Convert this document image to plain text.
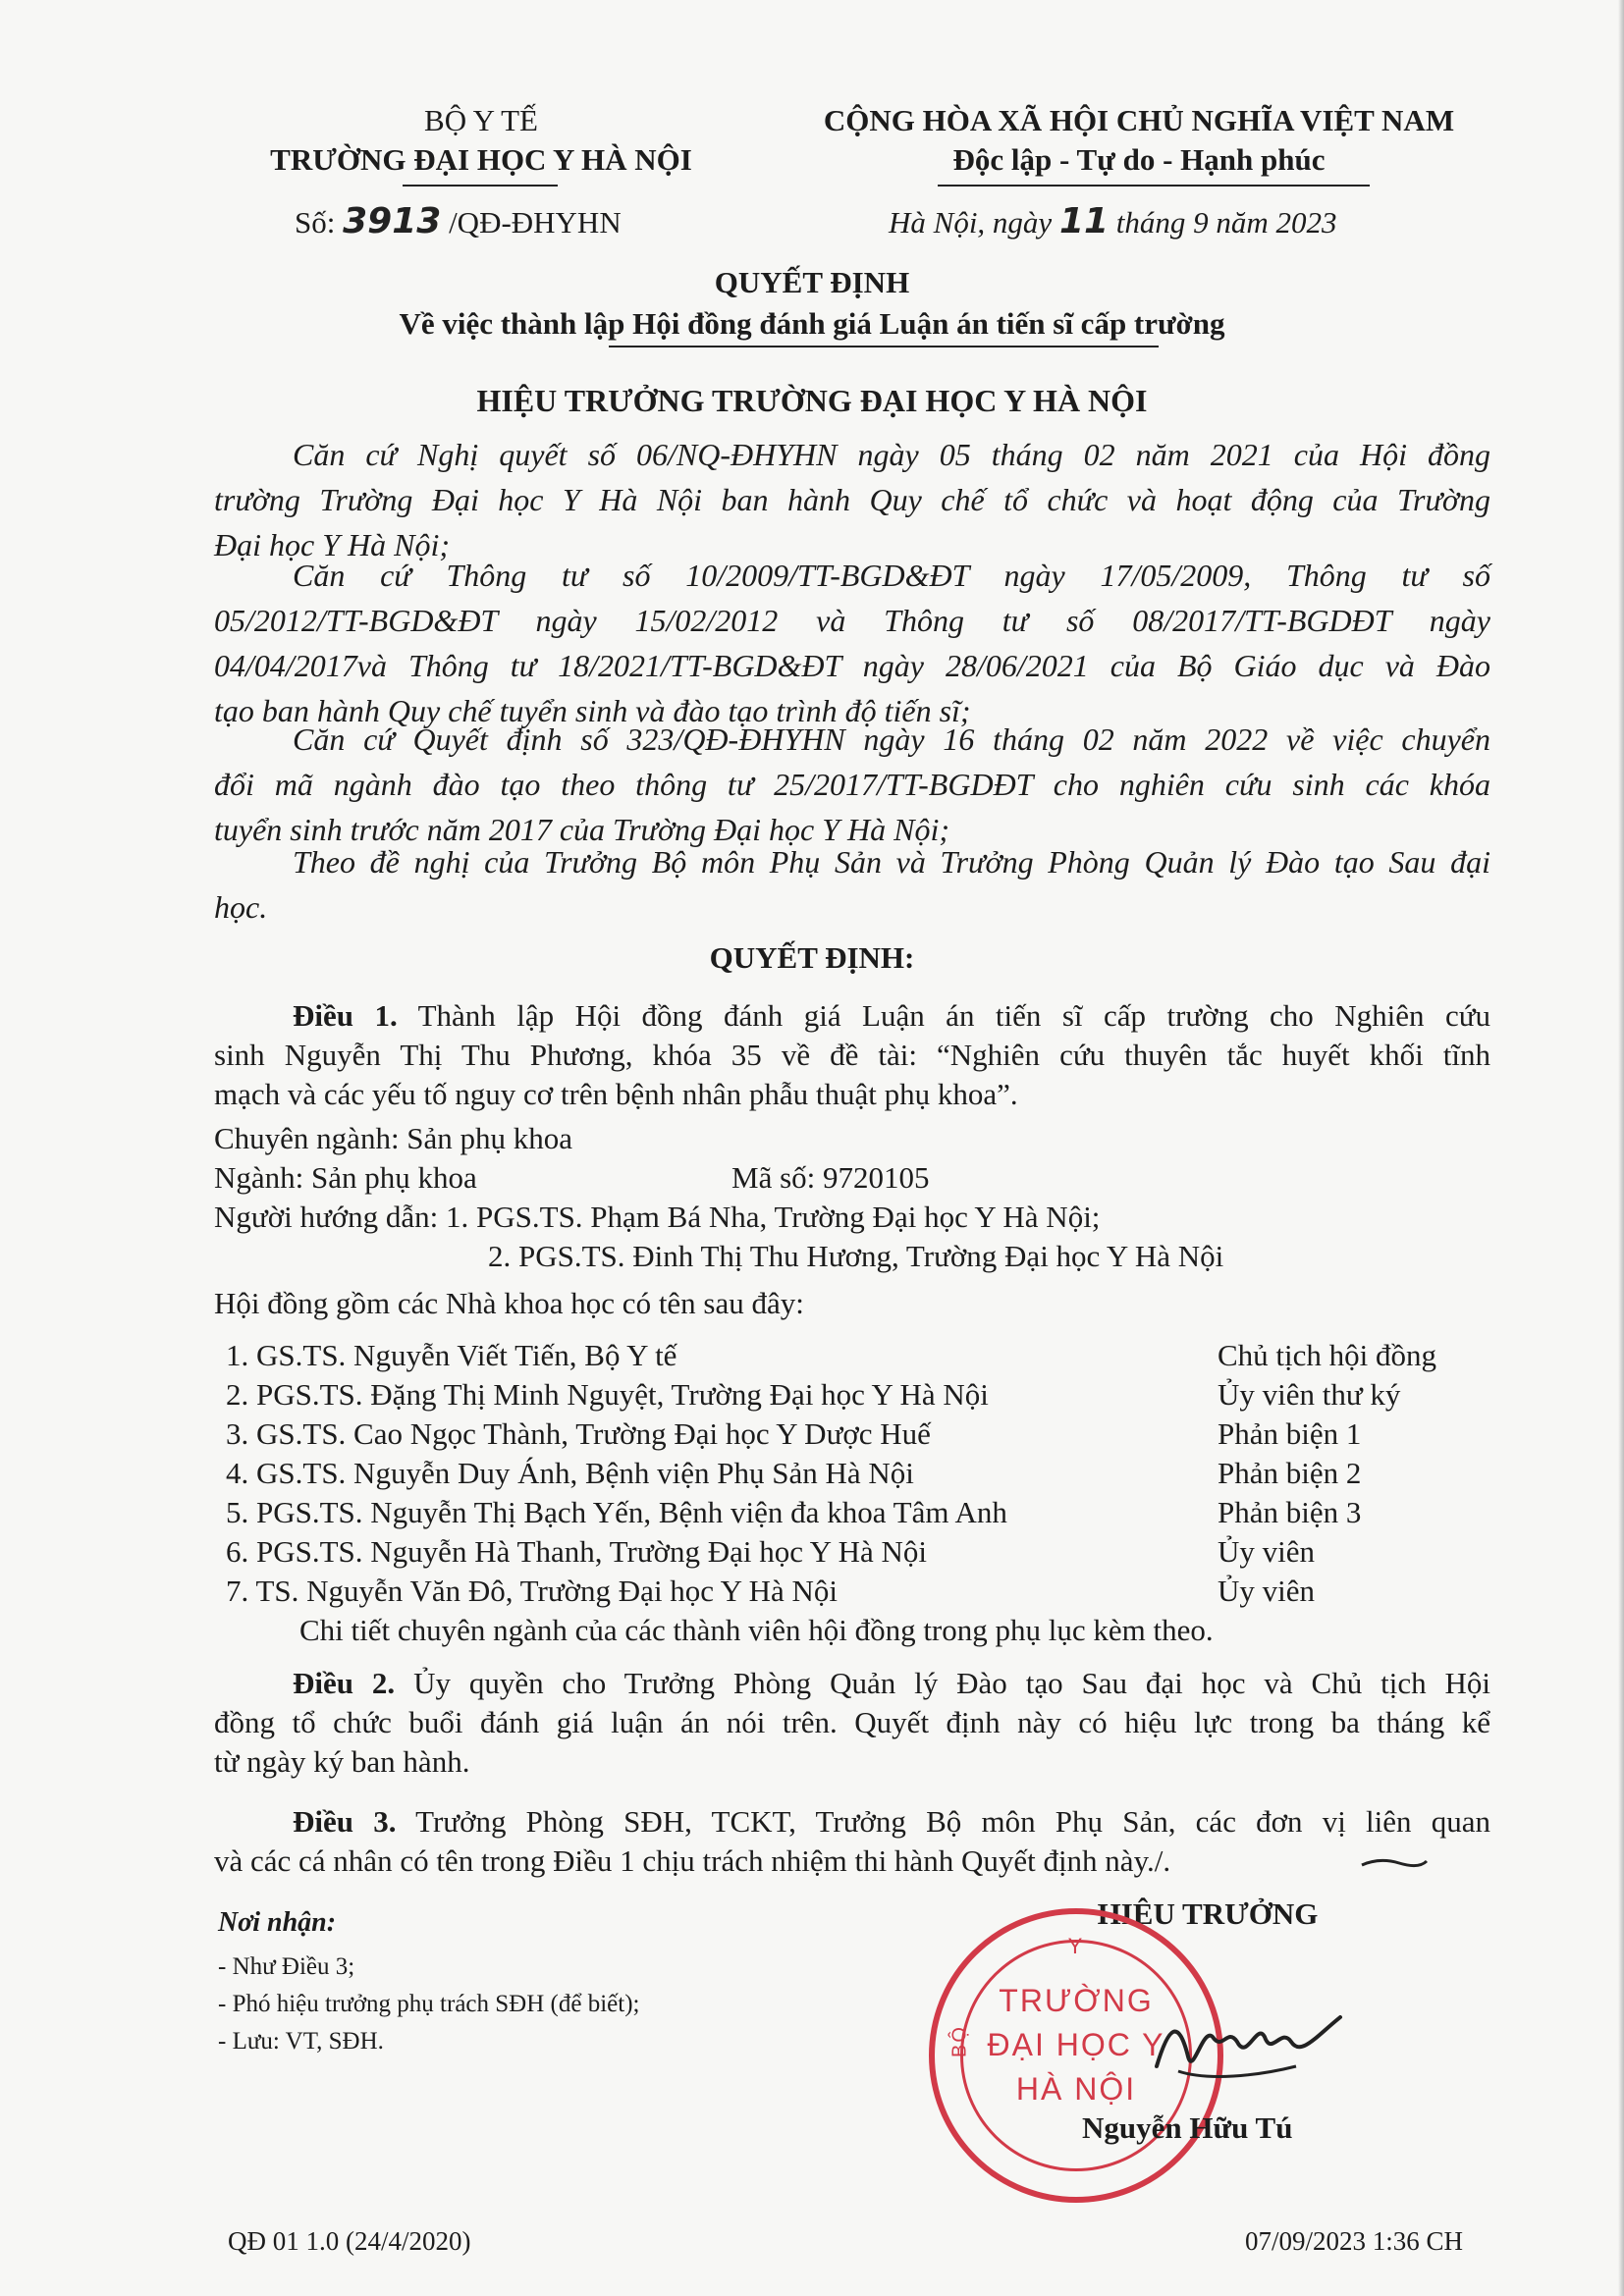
BỘ Y TẾ
TRƯỜNG ĐẠI HỌC Y HÀ NỘI
Số: 3913 /QĐ-ĐHYHN
CỘNG HÒA XÃ HỘI CHỦ NGHĨA VIỆT NAM
Độc lập - Tự do - Hạnh phúc
Hà Nội, ngày 11 tháng 9 năm 2023
QUYẾT ĐỊNH
Về việc thành lập Hội đồng đánh giá Luận án tiến sĩ cấp trường
HIỆU TRƯỞNG TRƯỜNG ĐẠI HỌC Y HÀ NỘI
Căn cứ Nghị quyết số 06/NQ-ĐHYHN ngày 05 tháng 02 năm 2021 của Hội đồng
trường Trường Đại học Y Hà Nội ban hành Quy chế tổ chức và hoạt động của Trường
Đại học Y Hà Nội;
Căn cứ Thông tư số 10/2009/TT-BGD&ĐT ngày 17/05/2009, Thông tư số
05/2012/TT-BGD&ĐT ngày 15/02/2012 và Thông tư số 08/2017/TT-BGDĐT ngày
04/04/2017và Thông tư 18/2021/TT-BGD&ĐT ngày 28/06/2021 của Bộ Giáo dục và Đào
tạo ban hành Quy chế tuyển sinh và đào tạo trình độ tiến sĩ;
Căn cứ Quyết định số 323/QĐ-ĐHYHN ngày 16 tháng 02 năm 2022 về việc chuyển
đổi mã ngành đào tạo theo thông tư 25/2017/TT-BGDĐT cho nghiên cứu sinh các khóa
tuyển sinh trước năm 2017 của Trường Đại học Y Hà Nội;
Theo đề nghị của Trưởng Bộ môn Phụ Sản và Trưởng Phòng Quản lý Đào tạo Sau đại
học.
QUYẾT ĐỊNH:
Điều 1. Thành lập Hội đồng đánh giá Luận án tiến sĩ cấp trường cho Nghiên cứu
sinh Nguyễn Thị Thu Phương, khóa 35 về đề tài: “Nghiên cứu thuyên tắc huyết khối tĩnh
mạch và các yếu tố nguy cơ trên bệnh nhân phẫu thuật phụ khoa”.
Chuyên ngành: Sản phụ khoa
Ngành: Sản phụ khoa	Mã số: 9720105
Người hướng dẫn: 1. PGS.TS. Phạm Bá Nha, Trường Đại học Y Hà Nội;
2. PGS.TS. Đinh Thị Thu Hương, Trường Đại học Y Hà Nội
Hội đồng gồm các Nhà khoa học có tên sau đây:
1. GS.TS. Nguyễn Viết Tiến, Bộ Y tế	Chủ tịch hội đồng
2. PGS.TS. Đặng Thị Minh Nguyệt, Trường Đại học Y Hà Nội	Ủy viên thư ký
3. GS.TS. Cao Ngọc Thành, Trường Đại học Y Dược Huế	Phản biện 1
4. GS.TS. Nguyễn Duy Ánh, Bệnh viện Phụ Sản Hà Nội	Phản biện 2
5. PGS.TS. Nguyễn Thị Bạch Yến, Bệnh viện đa khoa Tâm Anh	Phản biện 3
6. PGS.TS. Nguyễn Hà Thanh, Trường Đại học Y Hà Nội	Ủy viên
7. TS. Nguyễn Văn Đô, Trường Đại học Y Hà Nội	Ủy viên
Chi tiết chuyên ngành của các thành viên hội đồng trong phụ lục kèm theo.
Điều 2. Ủy quyền cho Trưởng Phòng Quản lý Đào tạo Sau đại học và Chủ tịch Hội
đồng tổ chức buổi đánh giá luận án nói trên. Quyết định này có hiệu lực trong ba tháng kể
từ ngày ký ban hành.
Điều 3. Trưởng Phòng SĐH, TCKT, Trưởng Bộ môn Phụ Sản, các đơn vị liên quan
và các cá nhân có tên trong Điều 1 chịu trách nhiệm thi hành Quyết định này./.
Nơi nhận:
- Như Điều 3;
- Phó hiệu trưởng phụ trách SĐH (để biết);
- Lưu: VT, SĐH.
HIỆU TRƯỞNG
Y
TRƯỜNG
ĐẠI HỌC Y
HÀ NỘI
BỘ
Nguyễn Hữu Tú
QĐ 01 1.0 (24/4/2020)	07/09/2023 1:36 CH
